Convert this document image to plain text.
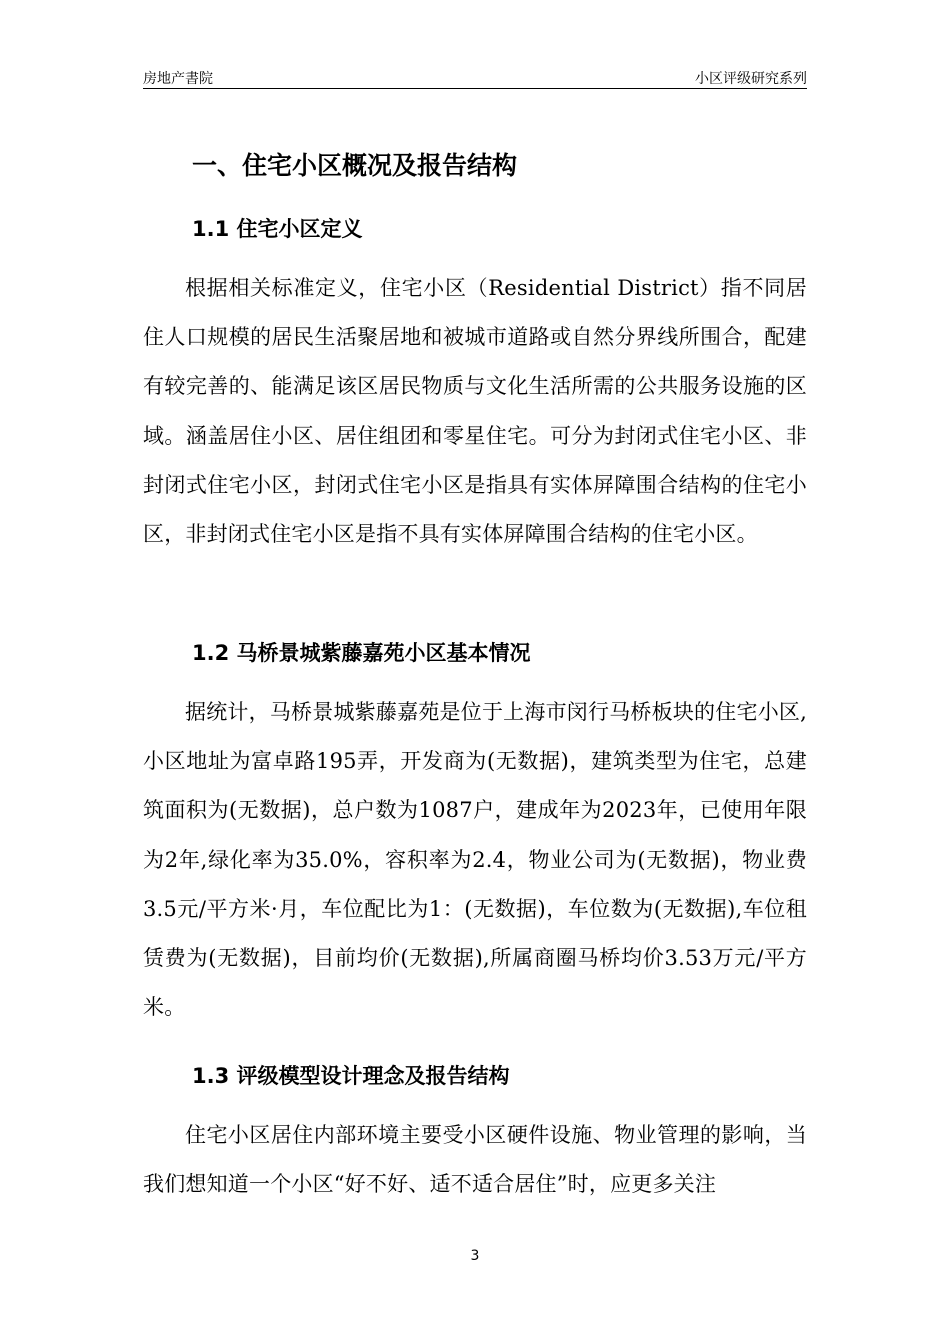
房地产書院	小区评级研究系列
一、住宅小区概况及报告结构
1.1 住宅小区定义

根据相关标准定义，住宅小区（Residential District）指不同居住人口规模的居民生活聚居地和被城市道路或自然分界线所围合，配建有较完善的、能满足该区居民物质与文化生活所需的公共服务设施的区域。涵盖居住小区、居住组团和零星住宅。可分为封闭式住宅小区、非封闭式住宅小区，封闭式住宅小区是指具有实体屏障围合结构的住宅小区，非封闭式住宅小区是指不具有实体屏障围合结构的住宅小区。

1.2 马桥景城紫藤嘉苑小区基本情况

据统计，马桥景城紫藤嘉苑是位于上海市闵行马桥板块的住宅小区,小区地址为富卓路195弄，开发商为(无数据)，建筑类型为住宅，总建筑面积为(无数据)，总户数为1087户，建成年为2023年，已使用年限为2年,绿化率为35.0%，容积率为2.4，物业公司为(无数据)，物业费3.5元/平方米·月，车位配比为1：(无数据)，车位数为(无数据),车位租赁费为(无数据)，目前均价(无数据),所属商圈马桥均价3.53万元/平方米。

1.3 评级模型设计理念及报告结构

住宅小区居住内部环境主要受小区硬件设施、物业管理的影响，当我们想知道一个小区“好不好、适不适合居住”时，应更多关注

3
